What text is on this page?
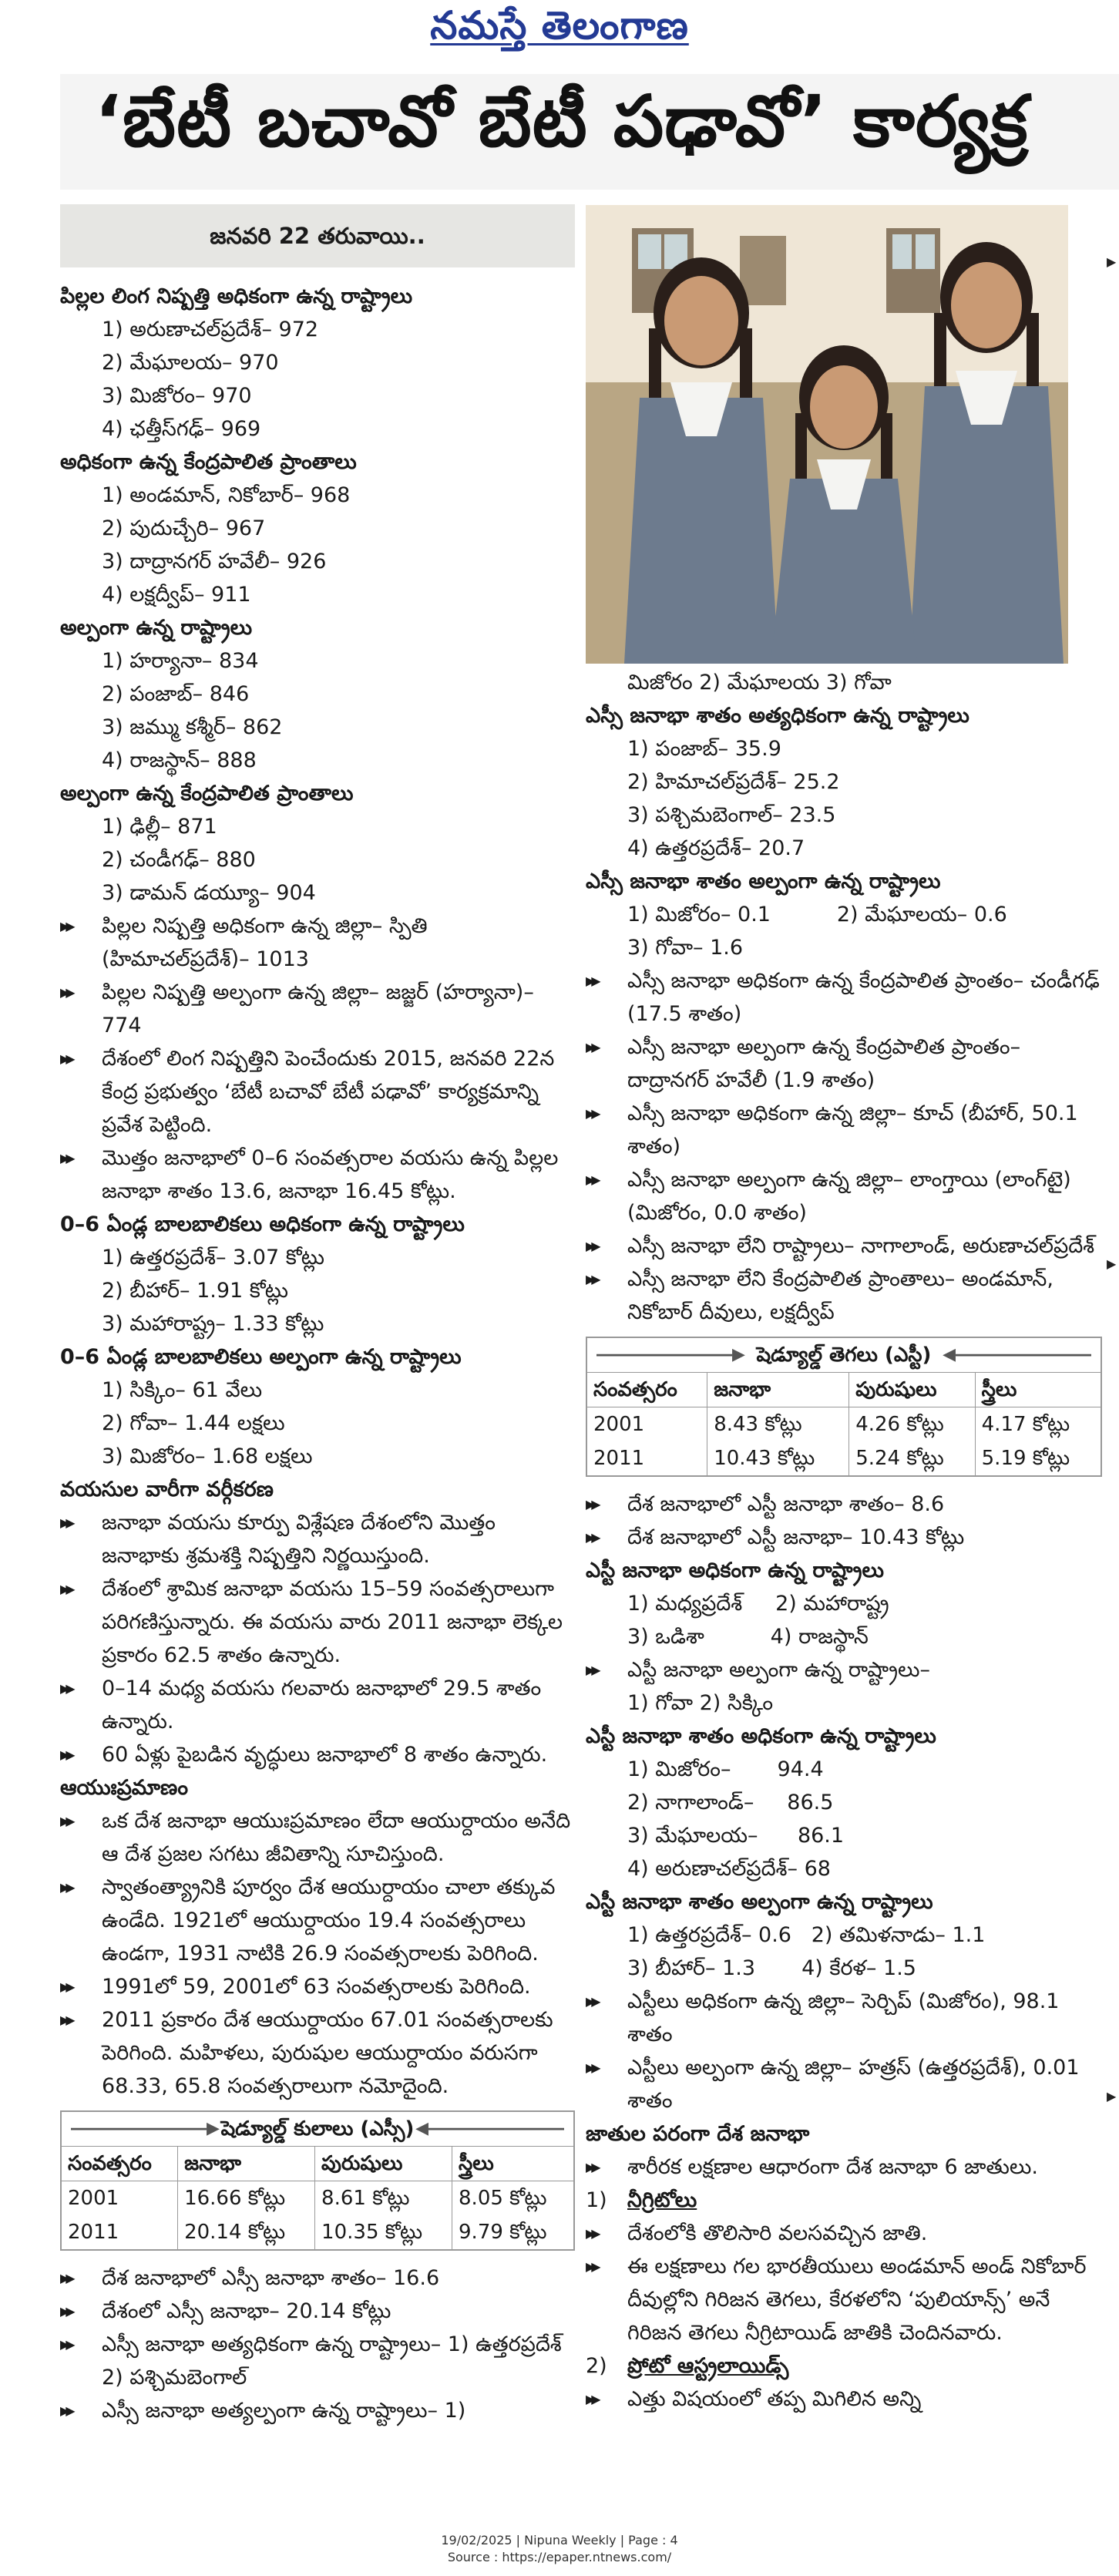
నమస్తే తెలంగాణ
‘బేటీ బచావో బేటీ పఢావో’ కార్యక్ర
జనవరి 22 తరువాయి..
పిల్లల లింగ నిష్పత్తి అధికంగా ఉన్న రాష్ట్రాలు
1) అరుణాచల్‌ప్రదేశ్‌– 972
2) మేఘాలయ– 970
3) మిజోరం– 970
4) ఛత్తీస్‌గఢ్‌– 969
అధికంగా ఉన్న కేంద్రపాలిత ప్రాంతాలు
1) అండమాన్‌, నికోబార్‌– 968
2) పుదుచ్చేరి– 967
3) దాద్రానగర్‌ హవేలీ– 926
4) లక్షద్వీప్‌– 911
అల్పంగా ఉన్న రాష్ట్రాలు
1) హర్యానా– 834
2) పంజాబ్‌– 846
3) జమ్ము కశ్మీర్‌– 862
4) రాజస్థాన్‌– 888
అల్పంగా ఉన్న కేంద్రపాలిత ప్రాంతాలు
1) ఢిల్లీ– 871
2) చండీగఢ్‌– 880
3) డామన్‌ డయ్యూ– 904
▶▶ పిల్లల నిష్పత్తి అధికంగా ఉన్న జిల్లా– స్పితి (హిమాచల్‌ప్రదేశ్‌)– 1013
▶▶ పిల్లల నిష్పత్తి అల్పంగా ఉన్న జిల్లా– జజ్జర్‌ (హర్యానా)– 774
▶▶ దేశంలో లింగ నిష్పత్తిని పెంచేందుకు 2015, జనవరి 22న కేంద్ర ప్రభుత్వం ‘బేటీ బచావో బేటీ పఢావో’ కార్యక్రమాన్ని ప్రవేశ పెట్టింది.
▶▶ మొత్తం జనాభాలో 0–6 సంవత్సరాల వయసు ఉన్న పిల్లల జనాభా శాతం 13.6, జనాభా 16.45 కోట్లు.
0–6 ఏండ్ల బాలబాలికలు అధికంగా ఉన్న రాష్ట్రాలు
1) ఉత్తరప్రదేశ్‌– 3.07 కోట్లు
2) బీహార్‌– 1.91 కోట్లు
3) మహారాష్ట్ర– 1.33 కోట్లు
0–6 ఏండ్ల బాలబాలికలు అల్పంగా ఉన్న రాష్ట్రాలు
1) సిక్కిం– 61 వేలు
2) గోవా– 1.44 లక్షలు
3) మిజోరం– 1.68 లక్షలు
వయసుల వారీగా వర్గీకరణ
▶▶ జనాభా వయసు కూర్పు విశ్లేషణ దేశంలోని మొత్తం జనాభాకు శ్రమశక్తి నిష్పత్తిని నిర్ణయిస్తుంది.
▶▶ దేశంలో శ్రామిక జనాభా వయసు 15–59 సంవత్సరాలుగా పరిగణిస్తున్నారు. ఈ వయసు వారు 2011 జనాభా లెక్కల ప్రకారం 62.5 శాతం ఉన్నారు.
▶▶ 0–14 మధ్య వయసు గలవారు జనాభాలో 29.5 శాతం ఉన్నారు.
▶▶ 60 ఏళ్లు పైబడిన వృద్ధులు జనాభాలో 8 శాతం ఉన్నారు.
ఆయుఃప్రమాణం
▶▶ ఒక దేశ జనాభా ఆయుఃప్రమాణం లేదా ఆయుర్దాయం అనేది ఆ దేశ ప్రజల సగటు జీవితాన్ని సూచిస్తుంది.
▶▶ స్వాతంత్య్రానికి పూర్వం దేశ ఆయుర్దాయం చాలా తక్కువ ఉండేది. 1921లో ఆయుర్దాయం 19.4 సంవత్సరాలు ఉండగా, 1931 నాటికి 26.9 సంవత్సరాలకు పెరిగింది.
▶▶ 1991లో 59, 2001లో 63 సంవత్సరాలకు పెరిగింది.
▶▶ 2011 ప్రకారం దేశ ఆయుర్దాయం 67.01 సంవత్సరాలకు పెరిగింది. మహిళలు, పురుషుల ఆయుర్దాయం వరుసగా 68.33, 65.8 సంవత్సరాలుగా నమోదైంది.
――――――――▶ షెడ్యూల్డ్‌ కులాలు (ఎస్సీ) ◀――――――――
సంవత్సరం	జనాభా	పురుషులు	స్త్రీలు
2001	16.66 కోట్లు	8.61 కోట్లు	8.05 కోట్లు
2011	20.14 కోట్లు	10.35 కోట్లు	9.79 కోట్లు
▶▶ దేశ జనాభాలో ఎస్సీ జనాభా శాతం– 16.6
▶▶ దేశంలో ఎస్సీ జనాభా– 20.14 కోట్లు
▶▶ ఎస్సీ జనాభా అత్యధికంగా ఉన్న రాష్ట్రాలు– 1) ఉత్తరప్రదేశ్‌ 2) పశ్చిమబెంగాల్‌
▶▶ ఎస్సీ జనాభా అత్యల్పంగా ఉన్న రాష్ట్రాలు– 1)
మిజోరం 2) మేఘాలయ 3) గోవా
ఎస్సీ జనాభా శాతం అత్యధికంగా ఉన్న రాష్ట్రాలు
1) పంజాబ్‌– 35.9
2) హిమాచల్‌ప్రదేశ్‌– 25.2
3) పశ్చిమబెంగాల్‌– 23.5
4) ఉత్తరప్రదేశ్‌– 20.7
ఎస్సీ జనాభా శాతం అల్పంగా ఉన్న రాష్ట్రాలు
1) మిజోరం– 0.1          2) మేఘాలయ– 0.6
3) గోవా– 1.6
▶▶ ఎస్సీ జనాభా అధికంగా ఉన్న కేంద్రపాలిత ప్రాంతం– చండీగఢ్‌ (17.5 శాతం)
▶▶ ఎస్సీ జనాభా అల్పంగా ఉన్న కేంద్రపాలిత ప్రాంతం– దాద్రానగర్‌ హవేలీ (1.9 శాతం)
▶▶ ఎస్సీ జనాభా అధికంగా ఉన్న జిల్లా– కూచ్‌ (బీహార్‌, 50.1 శాతం)
▶▶ ఎస్సీ జనాభా అల్పంగా ఉన్న జిల్లా– లాంగ్తాయి (లాంగ్‌టై) (మిజోరం, 0.0 శాతం)
▶▶ ఎస్సీ జనాభా లేని రాష్ట్రాలు– నాగాలాండ్‌, అరుణాచల్‌ప్రదేశ్‌
▶▶ ఎస్సీ జనాభా లేని కేంద్రపాలిత ప్రాంతాలు– అండమాన్‌, నికోబార్‌ దీవులు, లక్షద్వీప్‌
――――――――▶ షెడ్యూల్డ్‌ తెగలు (ఎస్టీ) ◀――――――――
సంవత్సరం	జనాభా	పురుషులు	స్త్రీలు
2001	8.43 కోట్లు	4.26 కోట్లు	4.17 కోట్లు
2011	10.43 కోట్లు	5.24 కోట్లు	5.19 కోట్లు
▶▶ దేశ జనాభాలో ఎస్టీ జనాభా శాతం– 8.6
▶▶ దేశ జనాభాలో ఎస్టీ జనాభా– 10.43 కోట్లు
ఎస్టీ జనాభా అధికంగా ఉన్న రాష్ట్రాలు
1) మధ్యప్రదేశ్‌     2) మహారాష్ట్ర
3) ఒడిశా          4) రాజస్థాన్‌
▶▶ ఎస్టీ జనాభా అల్పంగా ఉన్న రాష్ట్రాలు–
1) గోవా 2) సిక్కిం
ఎస్టీ జనాభా శాతం అధికంగా ఉన్న రాష్ట్రాలు
1) మిజోరం–       94.4
2) నాగాలాండ్‌–     86.5
3) మేఘాలయ–      86.1
4) అరుణాచల్‌ప్రదేశ్‌– 68
ఎస్టీ జనాభా శాతం అల్పంగా ఉన్న రాష్ట్రాలు
1) ఉత్తరప్రదేశ్‌– 0.6   2) తమిళనాడు– 1.1
3) బీహార్‌– 1.3       4) కేరళ– 1.5
▶▶ ఎస్టీలు అధికంగా ఉన్న జిల్లా– సెర్చిప్‌ (మిజోరం), 98.1 శాతం
▶▶ ఎస్టీలు అల్పంగా ఉన్న జిల్లా– హత్రస్‌ (ఉత్తరప్రదేశ్‌), 0.01 శాతం
జాతుల పరంగా దేశ జనాభా
▶▶ శారీరక లక్షణాల ఆధారంగా దేశ జనాభా 6 జాతులు.
1) నీగ్రిటోలు
▶▶ దేశంలోకి తొలిసారి వలసవచ్చిన జాతి.
▶▶ ఈ లక్షణాలు గల భారతీయులు అండమాన్‌ అండ్‌ నికోబార్‌ దీవుల్లోని గిరిజన తెగలు, కేరళలోని ‘పులియాన్స్‌’ అనే గిరిజన తెగలు నీగ్రిటాయిడ్‌ జాతికి చెందినవారు.
2) ప్రోటో ఆస్ట్రలాయిడ్స్‌
▶▶ ఎత్తు విషయంలో తప్ప మిగిలిన అన్ని
▶
▶
▶
19/02/2025 | Nipuna Weekly | Page : 4
Source : https://epaper.ntnews.com/
